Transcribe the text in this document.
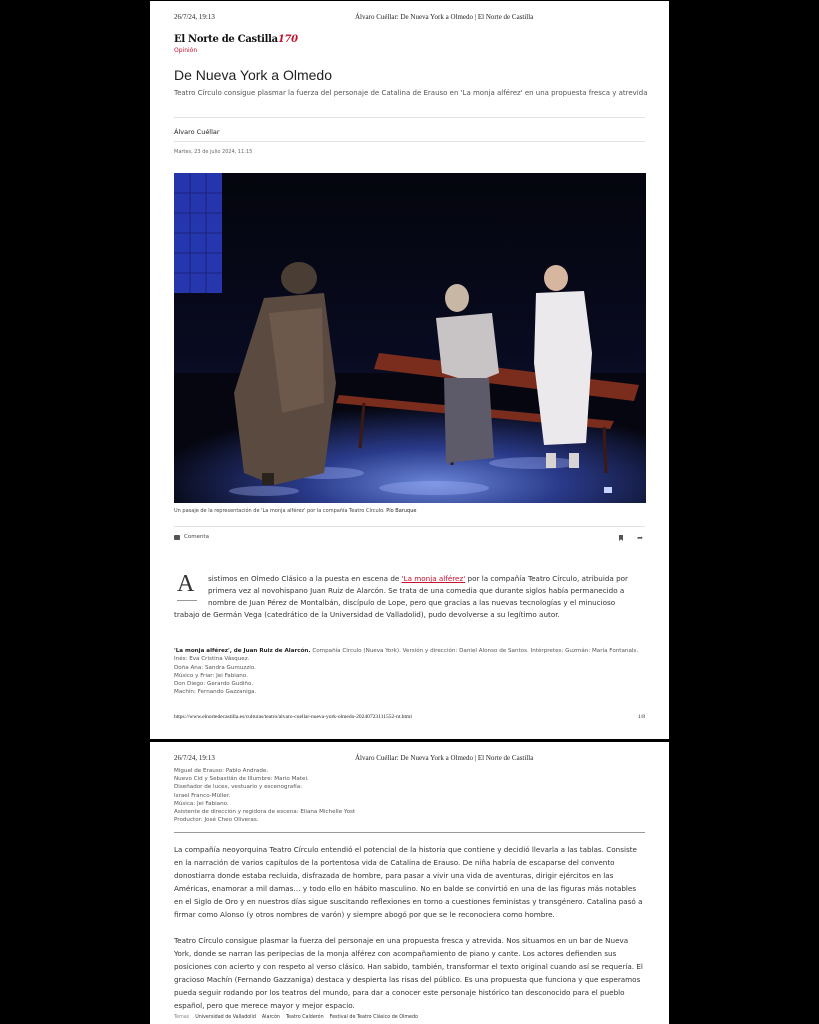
26/7/24, 19:13	Álvaro Cuéllar: De Nueva York a Olmedo | El Norte de Castilla
El Norte de Castilla170
Opinión
De Nueva York a Olmedo
Teatro Círculo consigue plasmar la fuerza del personaje de Catalina de Erauso en 'La monja alférez' en una propuesta fresca y atrevida
Álvaro Cuéllar
Martes, 23 de julio 2024, 11:15
Un pasaje de la representación de 'La monja alférez' por la compañía Teatro Círculo. Pío Baruque
Comenta	➦
A sistimos en Olmedo Clásico a la puesta en escena de 'La monja alférez' por la compañía Teatro Círculo, atribuida por
primera vez al novohispano Juan Ruiz de Alarcón. Se trata de una comedia que durante siglos había permanecido a
nombre de Juan Pérez de Montalbán, discípulo de Lope, pero que gracias a las nuevas tecnologías y el minucioso
trabajo de Germán Vega (catedrático de la Universidad de Valladolid), pudo devolverse a su legítimo autor.
'La monja alférez', de Juan Ruiz de Alarcón. Compañía Círculo (Nueva York). Versión y dirección: Daniel Alonso de Santos. Intérpretes: Guzmán: María Fontanals.
Inés: Eva Cristina Vásquez.
Doña Ana: Sandra Gumuzzio.
Músico y Friar: Jei Fabiano.
Don Diego: Gerardo Gudiño.
Machín: Fernando Gazzaniga.
https://www.elnortedecastilla.es/culturas/teatro/alvaro-cuellar-nueva-york-olmedo-20240723111552-nt.html	1/8
26/7/24, 19:13	Álvaro Cuéllar: De Nueva York a Olmedo | El Norte de Castilla
Miguel de Erauso: Pablo Andrade.
Nuevo Cid y Sebastián de Illumbre: Mario Matei.
Diseñador de luces, vestuario y escenografía:
Israel Franco-Müller.
Música: Jei Fabiano.
Asistente de dirección y regidora de escena: Eliana Michelle Yost
Productor: José Cheo Oliveras.
La compañía neoyorquina Teatro Círculo entendió el potencial de la historia que contiene y decidió llevarla a las tablas. Consiste en la narración de varios capítulos de la portentosa vida de Catalina de Erauso. De niña habría de escaparse del convento donostiarra donde estaba recluida, disfrazada de hombre, para pasar a vivir una vida de aventuras, dirigir ejércitos en las Américas, enamorar a mil damas… y todo ello en hábito masculino. No en balde se convirtió en una de las figuras más notables en el Siglo de Oro y en nuestros días sigue suscitando reflexiones en torno a cuestiones feministas y transgénero. Catalina pasó a firmar como Alonso (y otros nombres de varón) y siempre abogó por que se le reconociera como hombre.
Teatro Círculo consigue plasmar la fuerza del personaje en una propuesta fresca y atrevida. Nos situamos en un bar de Nueva York, donde se narran las peripecias de la monja alférez con acompañamiento de piano y cante. Los actores defienden sus posiciones con acierto y con respeto al verso clásico. Han sabido, también, transformar el texto original cuando así se requería. El gracioso Machín (Fernando Gazzaniga) destaca y despierta las risas del público. Es una propuesta que funciona y que esperamos pueda seguir rodando por los teatros del mundo, para dar a conocer este personaje histórico tan desconocido para el pueblo español, pero que merece mayor y mejor espacio.
Temas Universidad de Valladolid Alarcón Teatro Calderón Festival de Teatro Clásico de Olmedo
